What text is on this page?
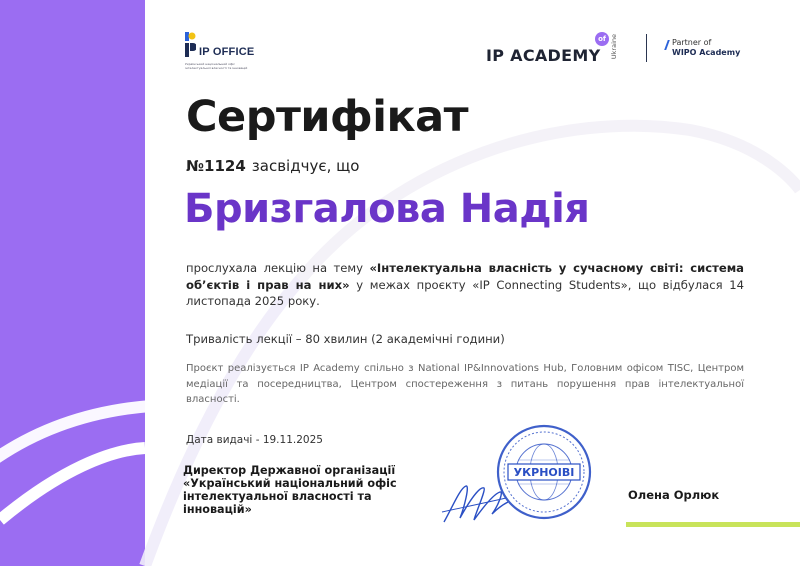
IP OFFICE
Український національний офіс інтелектуальної власності та інновацій
IP ACADEMY
of Ukraine	Partner of
WIPO Academy
Сертифікат
№1124 засвідчує, що
Бризгалова Надія

прослухала лекцію на тему «Інтелектуальна власність у сучасному світі: система об’єктів і прав на них» у межах проєкту «IP Connecting Students», що відбулася 14 листопада 2025 року.

Тривалість лекції – 80 хвилин (2 академічні години)

Проєкт реалізується IP Academy спільно з National IP&Innovations Hub, Головним офісом TISC, Центром медіації та посередництва, Центром спостереження з питань порушення прав інтелектуальної власності.

Дата видачі - 19.11.2025
Директор Державної організації «Український національний офіс інтелектуальної власності та інновацій»
УКРНОІВІ
Олена Орлюк
